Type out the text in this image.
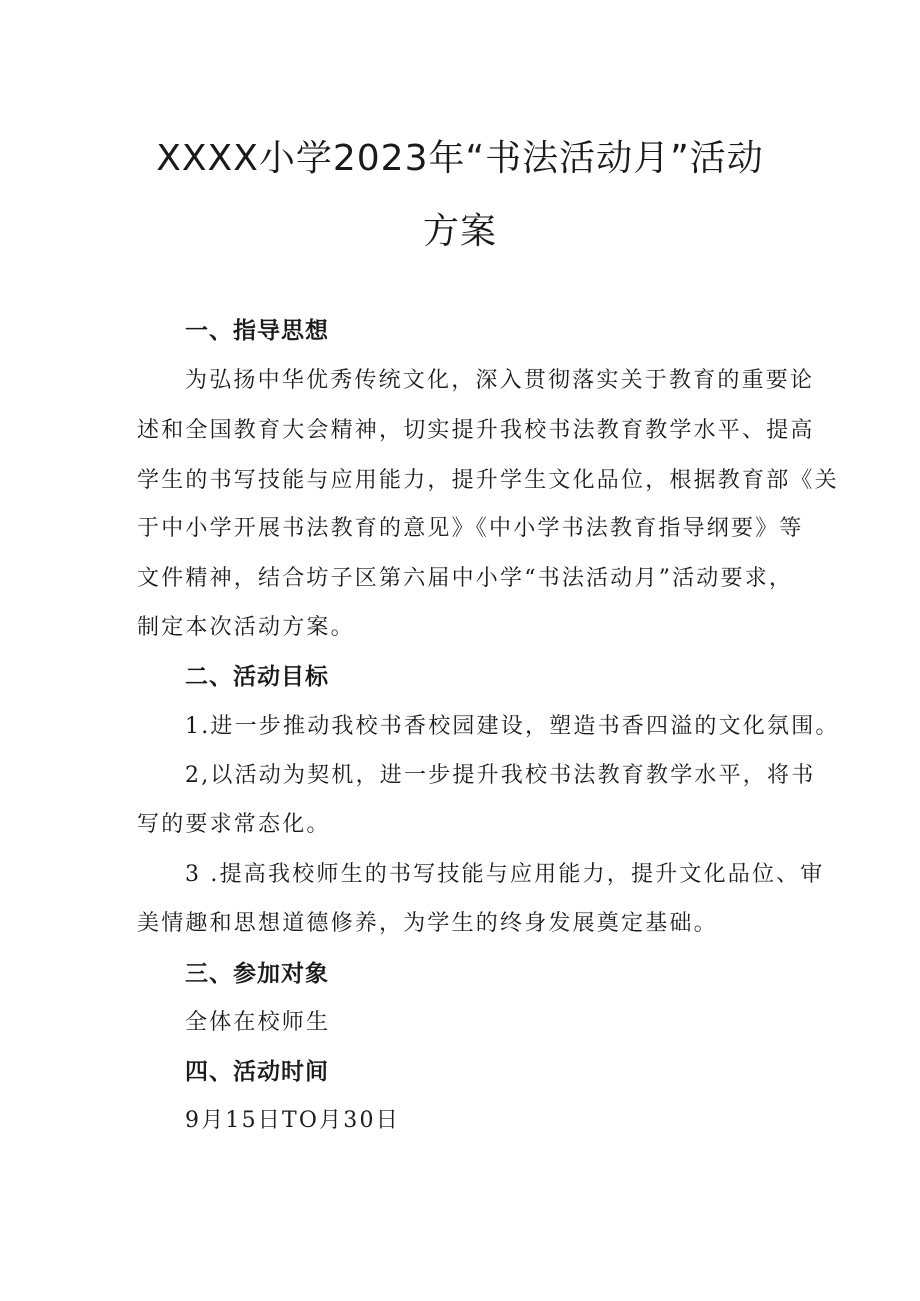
XXXX小学2023年“书法活动月”活动
方案
一、指导思想
为弘扬中华优秀传统文化，深入贯彻落实关于教育的重要论
述和全国教育大会精神，切实提升我校书法教育教学水平、提高
学生的书写技能与应用能力，提升学生文化品位，根据教育部《关
于中小学开展书法教育的意见》《中小学书法教育指导纲要》等
文件精神，结合坊子区第六届中小学“书法活动月”活动要求，
制定本次活动方案。
二、活动目标
1.进一步推动我校书香校园建设，塑造书香四溢的文化氛围。
2,以活动为契机，进一步提升我校书法教育教学水平，将书
写的要求常态化。
3 .提高我校师生的书写技能与应用能力，提升文化品位、审
美情趣和思想道德修养，为学生的终身发展奠定基础。
三、参加对象
全体在校师生
四、活动时间
9月15日TO月30日
